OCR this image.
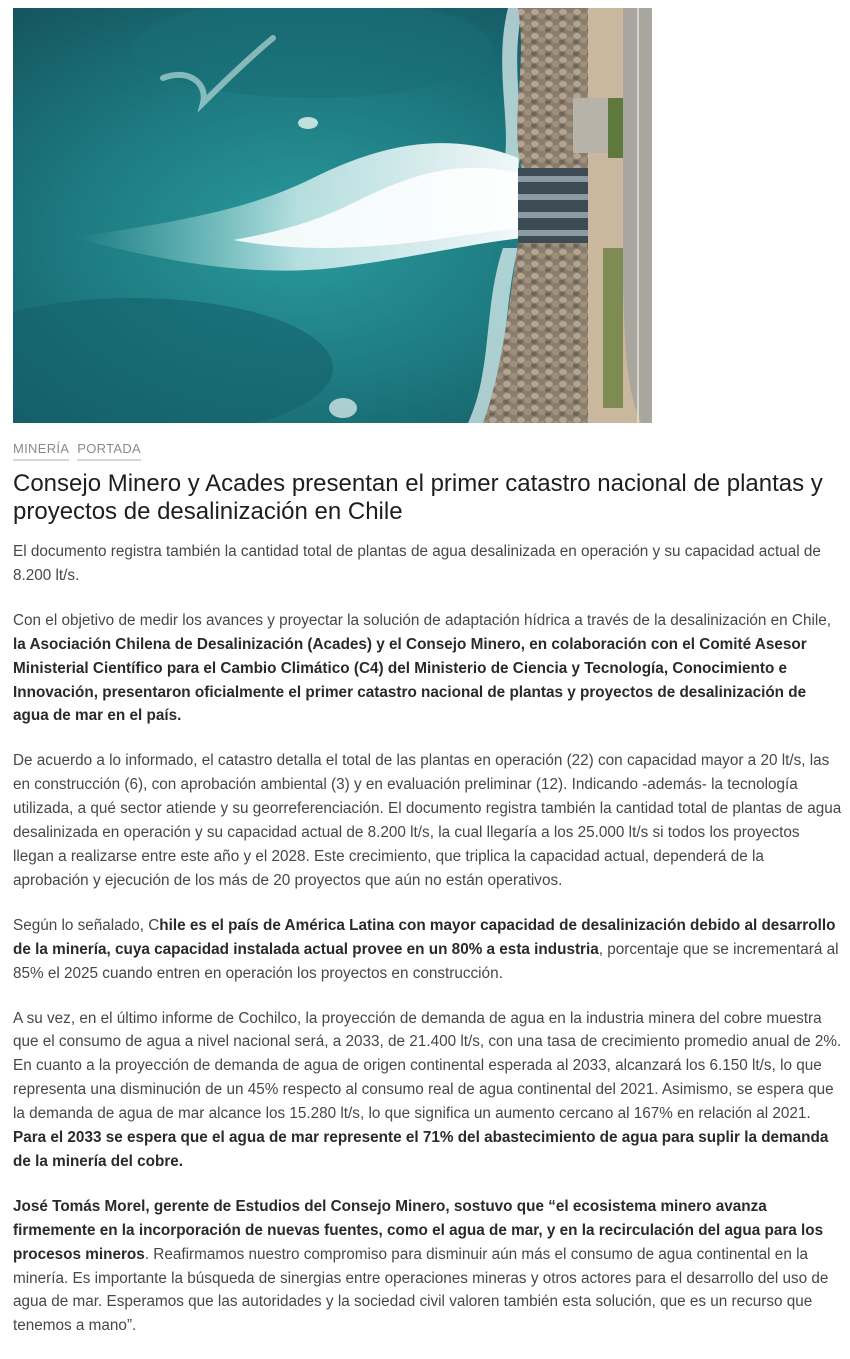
MINERÍA PORTADA
Consejo Minero y Acades presentan el primer catastro nacional de plantas y proyectos de desalinización en Chile

El documento registra también la cantidad total de plantas de agua desalinizada en operación y su capacidad actual de 8.200 lt/s.

Con el objetivo de medir los avances y proyectar la solución de adaptación hídrica a través de la desalinización en Chile, la Asociación Chilena de Desalinización (Acades) y el Consejo Minero, en colaboración con el Comité Asesor Ministerial Científico para el Cambio Climático (C4) del Ministerio de Ciencia y Tecnología, Conocimiento e Innovación, presentaron oficialmente el primer catastro nacional de plantas y proyectos de desalinización de agua de mar en el país.

De acuerdo a lo informado, el catastro detalla el total de las plantas en operación (22) con capacidad mayor a 20 lt/s, las en construcción (6), con aprobación ambiental (3) y en evaluación preliminar (12). Indicando -además- la tecnología utilizada, a qué sector atiende y su georreferenciación. El documento registra también la cantidad total de plantas de agua desalinizada en operación y su capacidad actual de 8.200 lt/s, la cual llegaría a los 25.000 lt/s si todos los proyectos llegan a realizarse entre este año y el 2028. Este crecimiento, que triplica la capacidad actual, dependerá de la aprobación y ejecución de los más de 20 proyectos que aún no están operativos.

Según lo señalado, Chile es el país de América Latina con mayor capacidad de desalinización debido al desarrollo de la minería, cuya capacidad instalada actual provee en un 80% a esta industria, porcentaje que se incrementará al 85% el 2025 cuando entren en operación los proyectos en construcción.

A su vez, en el último informe de Cochilco, la proyección de demanda de agua en la industria minera del cobre muestra que el consumo de agua a nivel nacional será, a 2033, de 21.400 lt/s, con una tasa de crecimiento promedio anual de 2%. En cuanto a la proyección de demanda de agua de origen continental esperada al 2033, alcanzará los 6.150 lt/s, lo que representa una disminución de un 45% respecto al consumo real de agua continental del 2021. Asimismo, se espera que la demanda de agua de mar alcance los 15.280 lt/s, lo que significa un aumento cercano al 167% en relación al 2021. Para el 2033 se espera que el agua de mar represente el 71% del abastecimiento de agua para suplir la demanda de la minería del cobre.

José Tomás Morel, gerente de Estudios del Consejo Minero, sostuvo que “el ecosistema minero avanza firmemente en la incorporación de nuevas fuentes, como el agua de mar, y en la recirculación del agua para los procesos mineros. Reafirmamos nuestro compromiso para disminuir aún más el consumo de agua continental en la minería. Es importante la búsqueda de sinergias entre operaciones mineras y otros actores para el desarrollo del uso de agua de mar. Esperamos que las autoridades y la sociedad civil valoren también esta solución, que es un recurso que tenemos a mano”.
